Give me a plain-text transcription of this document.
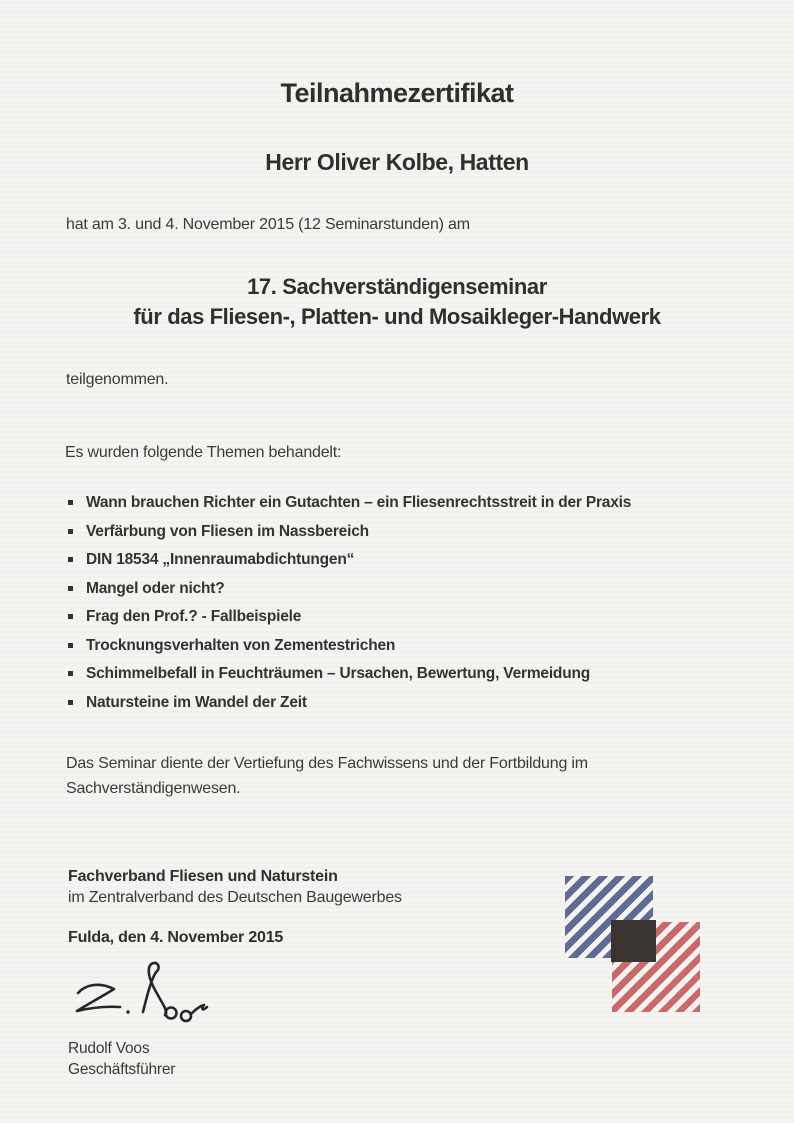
Teilnahmezertifikat
Herr Oliver Kolbe, Hatten
hat am 3. und 4. November 2015 (12 Seminarstunden) am
17. Sachverständigenseminar
für das Fliesen-, Platten- und Mosaikleger-Handwerk
teilgenommen.
Es wurden folgende Themen behandelt:
Wann brauchen Richter ein Gutachten – ein Fliesenrechtsstreit in der Praxis
Verfärbung von Fliesen im Nassbereich
DIN 18534 „Innenraumabdichtungen“
Mangel oder nicht?
Frag den Prof.? - Fallbeispiele
Trocknungsverhalten von Zementestrichen
Schimmelbefall in Feuchträumen – Ursachen, Bewertung, Vermeidung
Natursteine im Wandel der Zeit
Das Seminar diente der Vertiefung des Fachwissens und der Fortbildung im
Sachverständigenwesen.
Fachverband Fliesen und Naturstein
im Zentralverband des Deutschen Baugewerbes
Fulda, den 4. November 2015
Rudolf Voos
Geschäftsführer
